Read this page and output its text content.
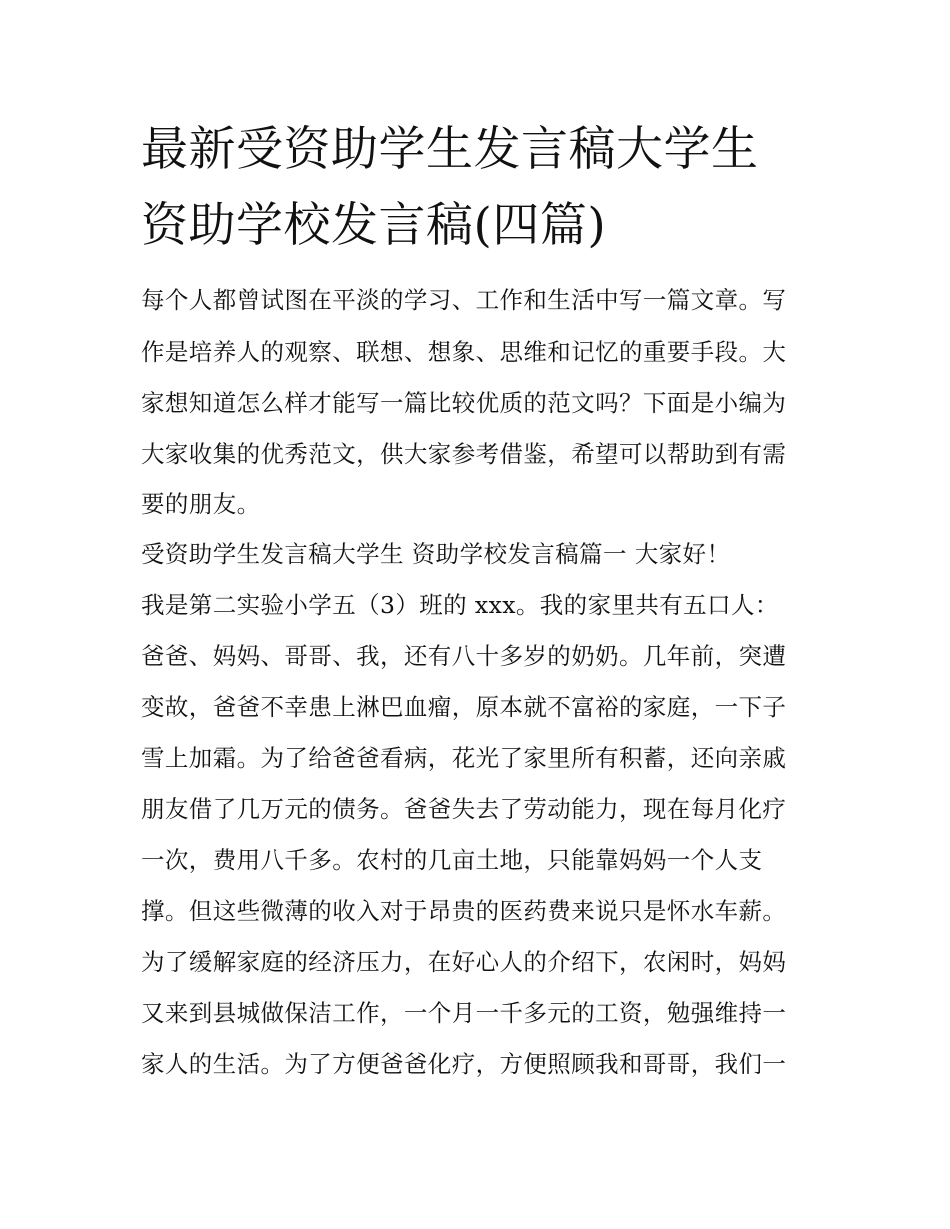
最新受资助学生发言稿大学生
资助学校发言稿(四篇)
每个人都曾试图在平淡的学习、工作和生活中写一篇文章。写
作是培养人的观察、联想、想象、思维和记忆的重要手段。大
家想知道怎么样才能写一篇比较优质的范文吗？下面是小编为
大家收集的优秀范文，供大家参考借鉴，希望可以帮助到有需
要的朋友。
受资助学生发言稿大学生 资助学校发言稿篇一 大家好！
我是第二实验小学五（3）班的 xxx。我的家里共有五口人：
爸爸、妈妈、哥哥、我，还有八十多岁的奶奶。几年前，突遭
变故，爸爸不幸患上淋巴血瘤，原本就不富裕的家庭，一下子
雪上加霜。为了给爸爸看病，花光了家里所有积蓄，还向亲戚
朋友借了几万元的债务。爸爸失去了劳动能力，现在每月化疗
一次，费用八千多。农村的几亩土地，只能靠妈妈一个人支
撑。但这些微薄的收入对于昂贵的医药费来说只是怀水车薪。
为了缓解家庭的经济压力，在好心人的介绍下，农闲时，妈妈
又来到县城做保洁工作，一个月一千多元的工资，勉强维持一
家人的生活。为了方便爸爸化疗，方便照顾我和哥哥，我们一
